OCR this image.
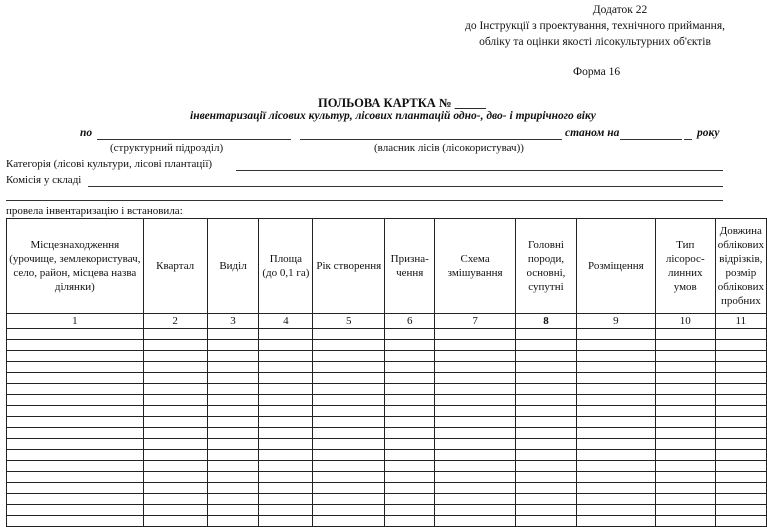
Додаток 22
до Інструкції з проектування, технічного приймання,
обліку та оцінки якості лісокультурних об'єктів
Форма 16
ПОЛЬОВА КАРТКА № _____
інвентаризації лісових культур, лісових плантацій одно-, дво- і трирічного віку
по	станом на	року
(структурний підрозділ)	(власник лісів (лісокористувач))
Категорія (лісові культури, лісові плантації)
Комісія у складі
провела інвентаризацію і встановила:
Місцезнаходження (урочище, землекористувач, село, район, місцева назва ділянки)	Квартал	Виділ	Площа (до 0,1 га)	Рік створення	Призна-чення	Схема змішування	Головні породи, основні, супутні	Розміщення	Тип лісорос-линних умов	Довжина облікових відрізків, розмір облікових пробних
1	2	3	4	5	6	7	8	9	10	11
